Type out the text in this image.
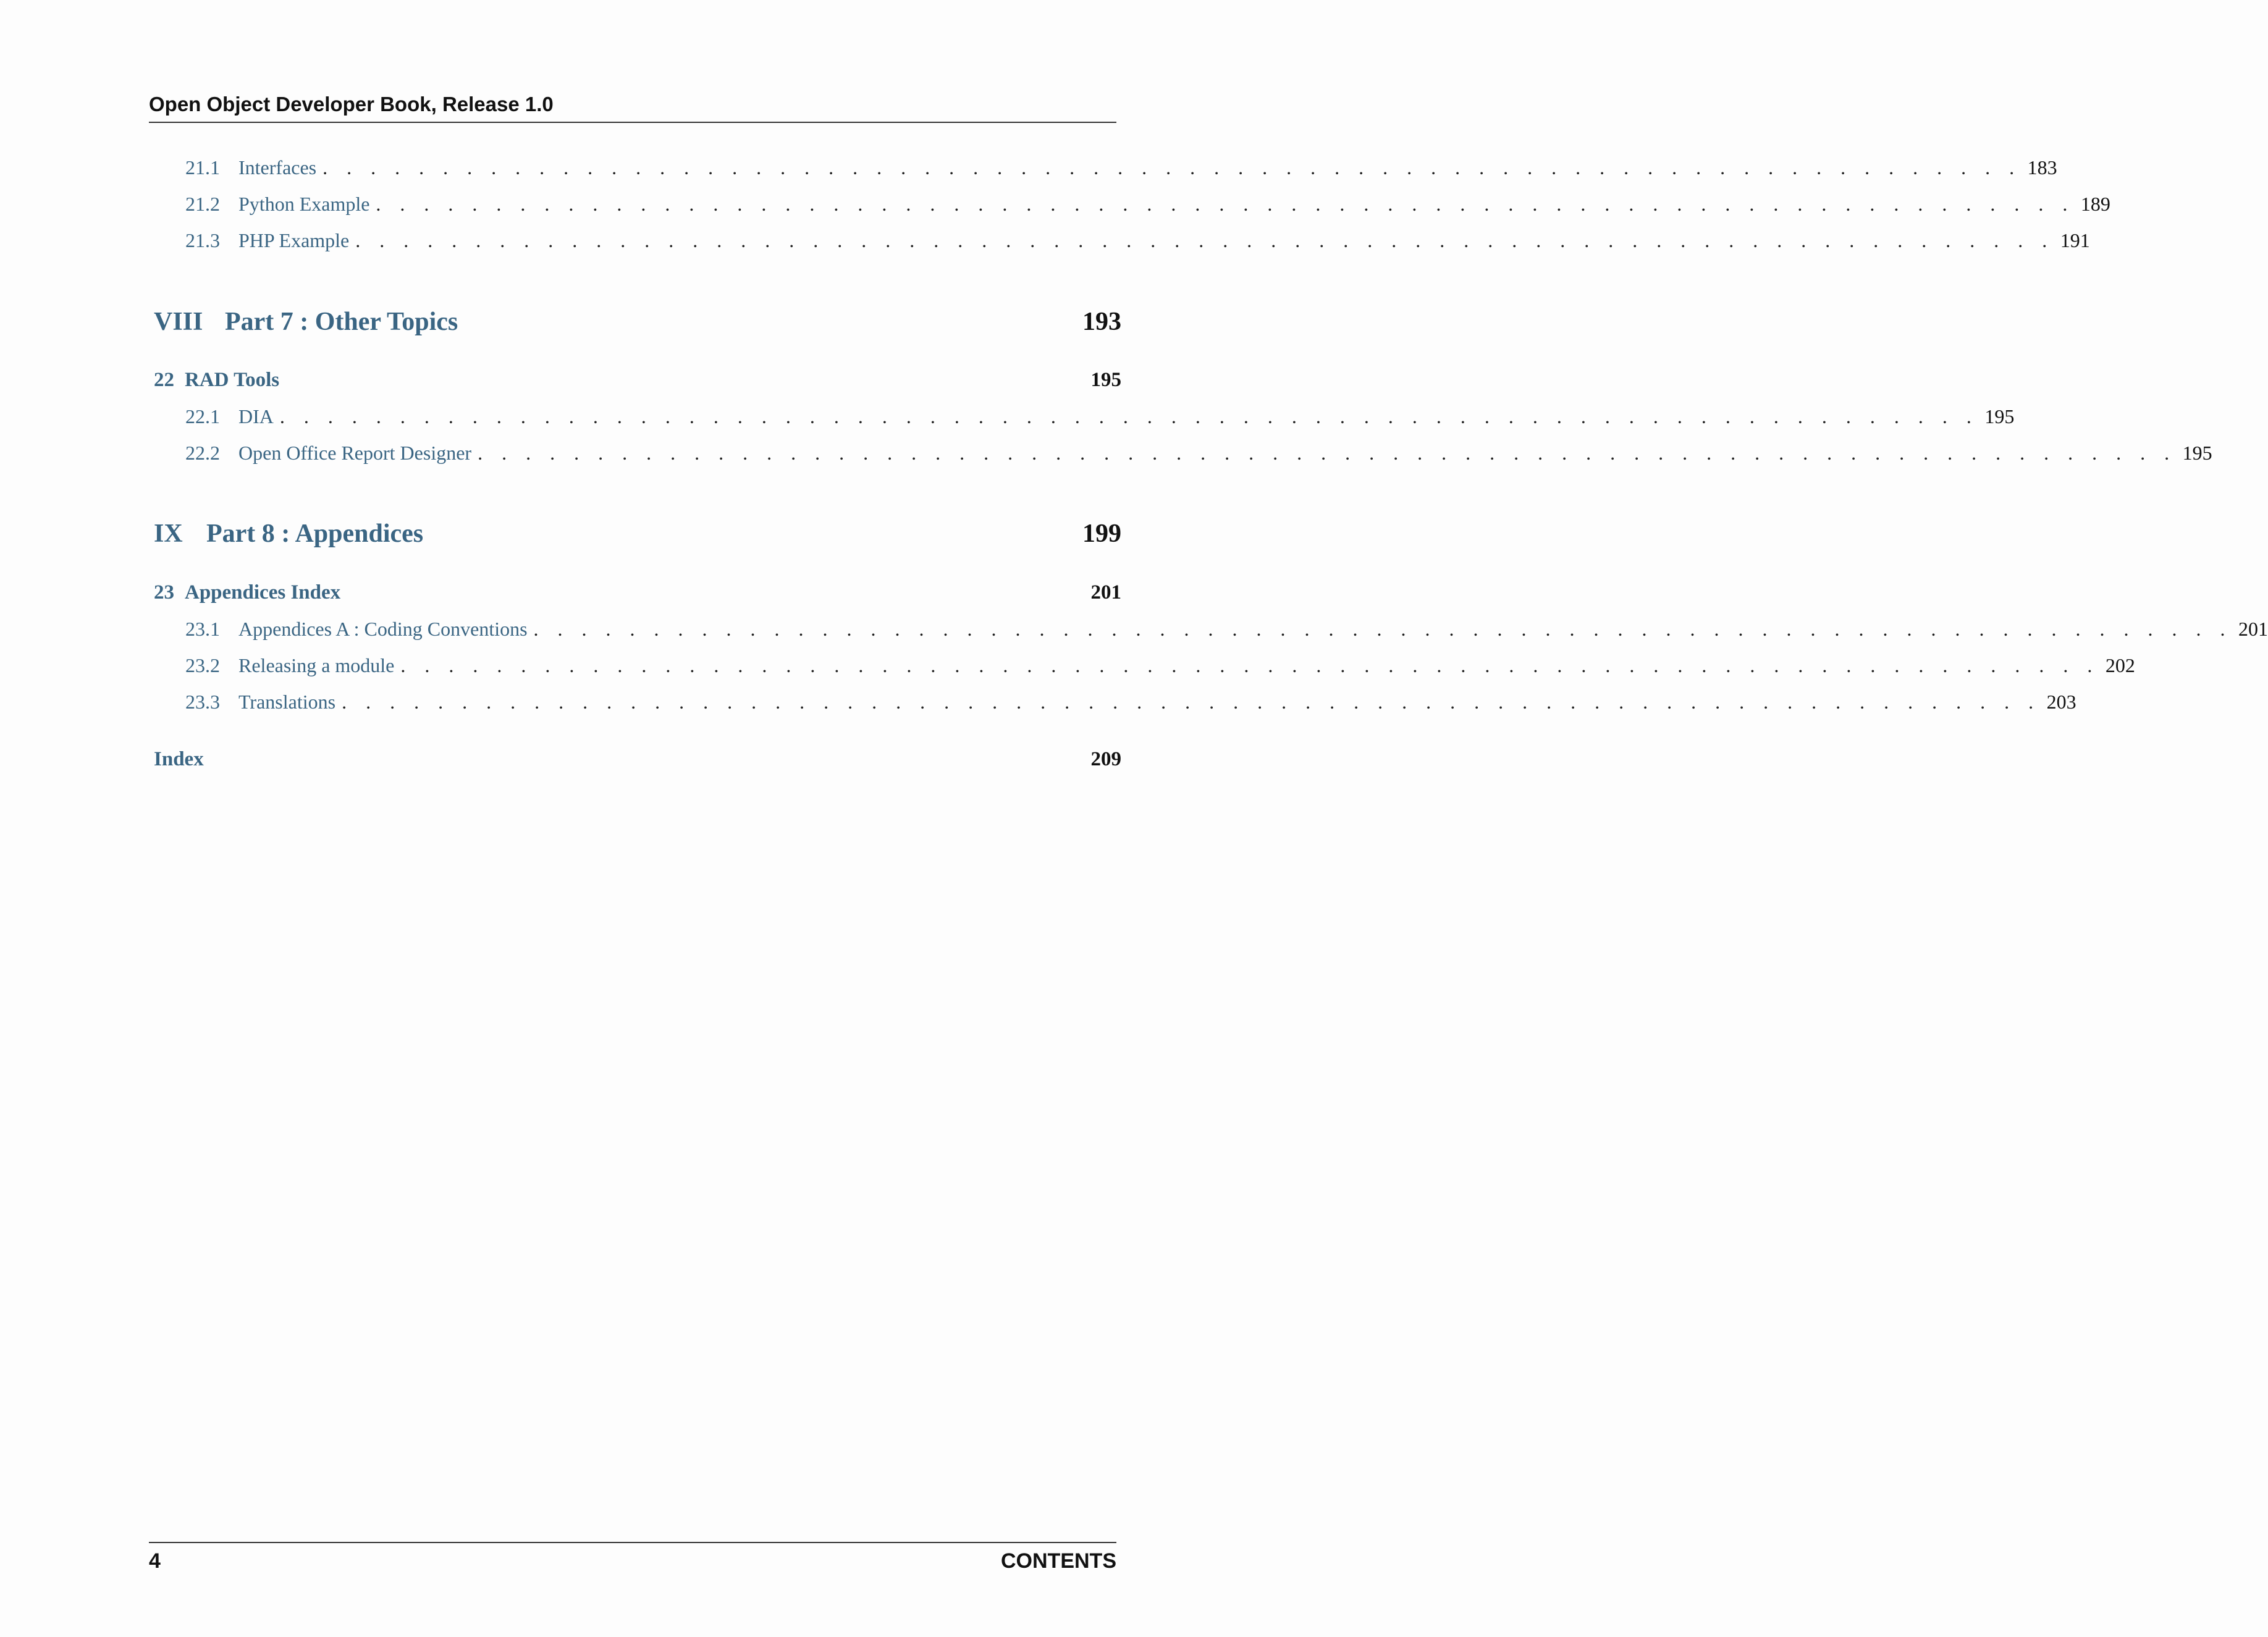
Open Object Developer Book, Release 1.0
21.1 Interfaces . . . . . . . . . . . . . . . . . . . . . . . . . . . . . . . . . . . . . . . . . . . . . . . . . . . . . . . . . . . . . . . . . . . . . . . 183
21.2 Python Example . . . . . . . . . . . . . . . . . . . . . . . . . . . . . . . . . . . . . . . . . . . . . . . . . . . . . . . . . . . . . . . . . . . . . . . 189
21.3 PHP Example . . . . . . . . . . . . . . . . . . . . . . . . . . . . . . . . . . . . . . . . . . . . . . . . . . . . . . . . . . . . . . . . . . . . . . . 191
VIII Part 7 : Other Topics	193
22 RAD Tools	195
22.1 DIA . . . . . . . . . . . . . . . . . . . . . . . . . . . . . . . . . . . . . . . . . . . . . . . . . . . . . . . . . . . . . . . . . . . . . . . 195
22.2 Open Office Report Designer . . . . . . . . . . . . . . . . . . . . . . . . . . . . . . . . . . . . . . . . . . . . . . . . . . . . . . . . . . . . . . . . . . . . . . . 195
IX Part 8 : Appendices	199
23 Appendices Index	201
23.1 Appendices A : Coding Conventions . . . . . . . . . . . . . . . . . . . . . . . . . . . . . . . . . . . . . . . . . . . . . . . . . . . . . . . . . . . . . . . . . . . . . . . 201
23.2 Releasing a module . . . . . . . . . . . . . . . . . . . . . . . . . . . . . . . . . . . . . . . . . . . . . . . . . . . . . . . . . . . . . . . . . . . . . . . 202
23.3 Translations . . . . . . . . . . . . . . . . . . . . . . . . . . . . . . . . . . . . . . . . . . . . . . . . . . . . . . . . . . . . . . . . . . . . . . . 203
Index	209
4	CONTENTS
